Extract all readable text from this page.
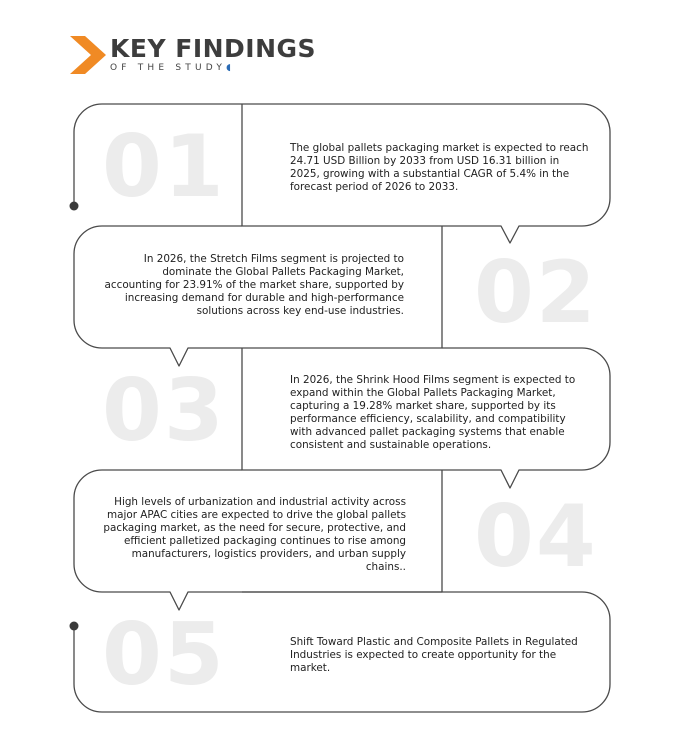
KEY FINDINGS
OF THE STUDY◖
01
02
03
04
05
The global pallets packaging market is expected to reach 24.71 USD Billion by 2033 from USD 16.31 billion in 2025, growing with a substantial CAGR of 5.4% in the forecast period of 2026 to 2033.
In 2026, the Stretch Films segment is projected to dominate the Global Pallets Packaging Market, accounting for 23.91% of the market share, supported by increasing demand for durable and high-performance solutions across key end-use industries.
In 2026, the Shrink Hood Films segment is expected to expand within the Global Pallets Packaging Market, capturing a 19.28% market share, supported by its performance efficiency, scalability, and compatibility with advanced pallet packaging systems that enable consistent and sustainable operations.
High levels of urbanization and industrial activity across major APAC cities are expected to drive the global pallets packaging market, as the need for secure, protective, and efficient palletized packaging continues to rise among manufacturers, logistics providers, and urban supply chains..
Shift Toward Plastic and Composite Pallets in Regulated Industries is expected to create opportunity for the market.
